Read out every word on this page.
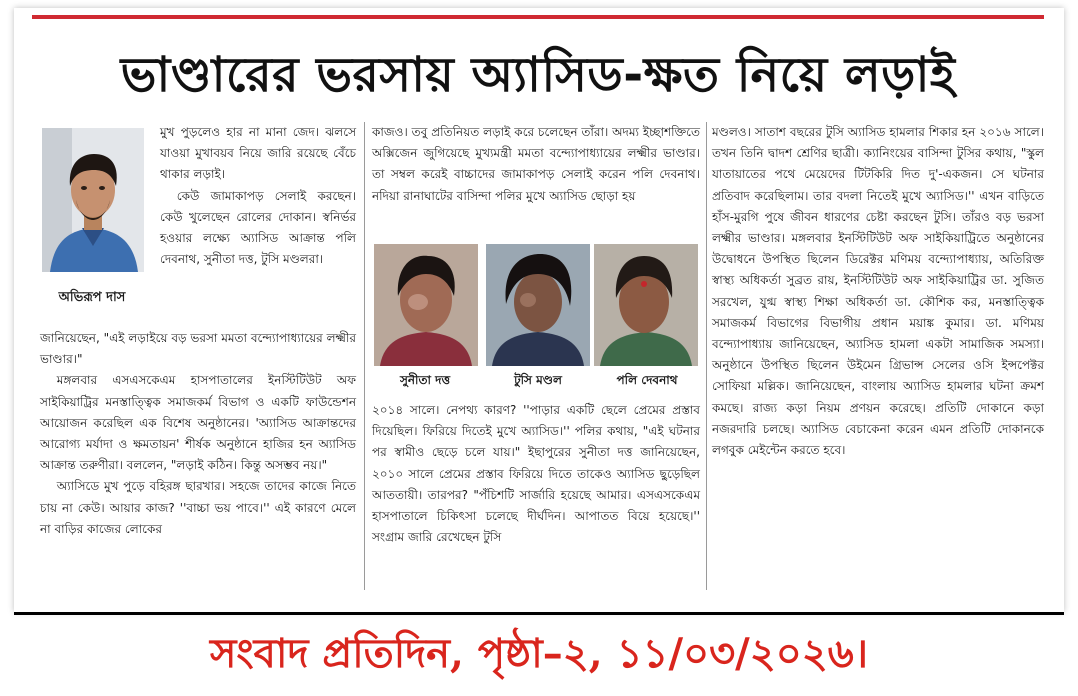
ভাণ্ডারের ভরসায় অ্যাসিড-ক্ষত নিয়ে লড়াই
অভিরূপ দাস

মুখ পুড়লেও হার না মানা জেদ। ঝলসে যাওয়া মুখাবয়ব নিয়ে জারি রয়েছে বেঁচে থাকার লড়াই।

কেউ জামাকাপড় সেলাই করছেন। কেউ খুলেছেন রোলের দোকান। স্বনির্ভর হওয়ার লক্ষ্যে অ্যাসিড আক্রান্ত পলি দেবনাথ, সুনীতা দত্ত, টুসি মণ্ডলরা।

জানিয়েছেন, "এই লড়াইয়ে বড় ভরসা মমতা বন্দ্যোপাধ্যায়ের লক্ষ্মীর ভাণ্ডার।"

মঙ্গলবার এসএসকেএম হাসপাতালের ইনস্টিটিউট অফ সাইকিয়াট্রির মনস্তাত্ত্বিক সমাজকর্ম বিভাগ ও একটি ফাউন্ডেশন আয়োজন করেছিল এক বিশেষ অনুষ্ঠানের। 'অ্যাসিড আক্রান্তদের আরোগ্য মর্যাদা ও ক্ষমতায়ন' শীর্ষক অনুষ্ঠানে হাজির হন অ্যাসিড আক্রান্ত তরুণীরা। বললেন, "লড়াই কঠিন। কিন্তু অসম্ভব নয়।"

অ্যাসিডে মুখ পুড়ে বহিরঙ্গ ছারখার। সহজে তাদের কাজে নিতে চায় না কেউ। আয়ার কাজ? ''বাচ্চা ভয় পাবে।'' এই কারণে মেলে না বাড়ির কাজের লোকের

কাজও। তবু প্রতিনিয়ত লড়াই করে চলেছেন তাঁরা। অদম্য ইচ্ছাশক্তিতে অক্সিজেন জুগিয়েছে মুখ্যমন্ত্রী মমতা বন্দ্যোপাধ্যায়ের লক্ষ্মীর ভাণ্ডার। তা সম্বল করেই বাচ্চাদের জামাকাপড় সেলাই করেন পলি দেবনাথ। নদিয়া রানাঘাটের বাসিন্দা পলির মুখে অ্যাসিড ছোড়া হয়

সুনীতা দত্ত	টুসি মণ্ডল	পলি দেবনাথ

২০১৪ সালে। নেপথ্য কারণ? ''পাড়ার একটি ছেলে প্রেমের প্রস্তাব দিয়েছিল। ফিরিয়ে দিতেই মুখে অ্যাসিড।'' পলির কথায়, "এই ঘটনার পর স্বামীও ছেড়ে চলে যায়।" ইছাপুরের সুনীতা দত্ত জানিয়েছেন, ২০১০ সালে প্রেমের প্রস্তাব ফিরিয়ে দিতে তাকেও অ্যাসিড ছুড়েছিল আততায়ী। তারপর? "পঁচিশটি সার্জারি হয়েছে আমার। এসএসকেএম হাসপাতালে চিকিৎসা চলেছে দীর্ঘদিন। আপাতত বিয়ে হয়েছে।'' সংগ্রাম জারি রেখেছেন টুসি

মণ্ডলও। সাতাশ বছরের টুসি অ্যাসিড হামলার শিকার হন ২০১৬ সালে। তখন তিনি দ্বাদশ শ্রেণির ছাত্রী। ক্যানিংয়ের বাসিন্দা টুসির কথায়, "স্কুল যাতায়াতের পথে মেয়েদের টিটকিরি দিত দু'-একজন। সে ঘটনার প্রতিবাদ করেছিলাম। তার বদলা নিতেই মুখে অ্যাসিড।'' এখন বাড়িতে হাঁস-মুরগি পুষে জীবন ধারণের চেষ্টা করছেন টুসি। তাঁরও বড় ভরসা লক্ষ্মীর ভাণ্ডার। মঙ্গলবার ইনস্টিটিউট অফ সাইকিয়াট্রিতে অনুষ্ঠানের উদ্বোধনে উপস্থিত ছিলেন ডিরেক্টর মণিময় বন্দ্যোপাধ্যায়, অতিরিক্ত স্বাস্থ্য অধিকর্তা সুব্রত রায়, ইনস্টিটিউট অফ সাইকিয়াট্রির ডা. সুজিত সরখেল, যুগ্ম স্বাস্থ্য শিক্ষা অধিকর্তা ডা. কৌশিক কর, মনস্তাত্ত্বিক সমাজকর্ম বিভাগের বিভাগীয় প্রধান ময়াঙ্ক কুমার। ডা. মণিময় বন্দ্যোপাধ্যায় জানিয়েছেন, অ্যাসিড হামলা একটা সামাজিক সমস্যা। অনুষ্ঠানে উপস্থিত ছিলেন উইমেন গ্রিভান্স সেলের ওসি ইন্সপেক্টর সোফিয়া মল্লিক। জানিয়েছেন, বাংলায় অ্যাসিড হামলার ঘটনা ক্রমশ কমছে। রাজ্য কড়া নিয়ম প্রণয়ন করেছে। প্রতিটি দোকানে কড়া নজরদারি চলছে। অ্যাসিড বেচাকেনা করেন এমন প্রতিটি দোকানকে লগবুক মেইন্টেন করতে হবে।

সংবাদ প্রতিদিন, পৃষ্ঠা–২, ১১/০৩/২০২৬।
